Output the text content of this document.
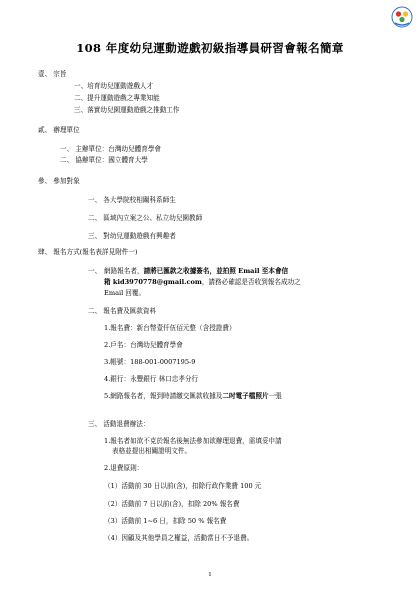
108 年度幼兒運動遊戲初級指導員研習會報名簡章
壹、 宗旨
一、培育幼兒運動遊戲人才
二、提升運動遊戲之專業知能
三、落實幼兒園運動遊戲之推動工作
貳、 辦理單位
一、 主辦單位：台灣幼兒體育學會
二、 協辦單位：國立體育大學
參、 參加對象
一、 各大學院校相關科系師生
二、 區域內立案之公、私立幼兒園教師
三、 對幼兒運動遊戲有興趣者
肆、 報名方式(報名表詳見附件一)
一、 網路報名者，請將已匯款之收據簽名，並拍照 Email 至本會信
箱 kid3970778@gmail.com，請務必確認是否收到報名成功之
Email 回覆。
二、 報名費及匯款資料
1.報名費：新台幣壹仟伍佰元整（含授證費）
2.戶名：台灣幼兒體育學會
3.帳號：188-001-0007195-9
4.銀行：永豐銀行 林口忠孝分行
5.網路報名者，報到時請繳交匯款收據及二吋電子檔照片一張
三、 活動退費辦法：
1.報名者如欲不克於報名後無法參加欲辦理退費，需填妥申請
表格並提出相關證明文件。
2.退費原則：
（1）活動前 30 日以前(含)，扣除行政作業費 100 元
（2）活動前 7 日以前(含)，扣除 20% 報名費
（3）活動前 1~6 日，扣除 50 % 報名費
（4）因顧及其他學員之權益，活動當日不予退費。
1
